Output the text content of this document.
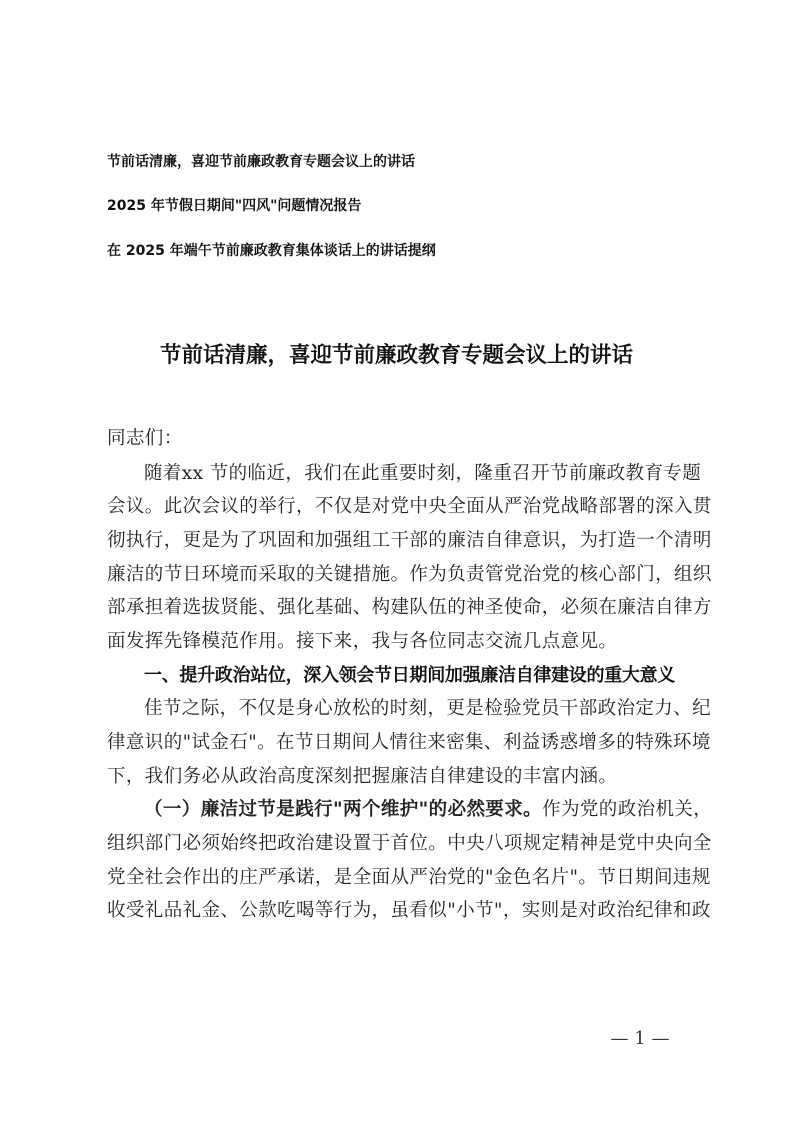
节前话清廉，喜迎节前廉政教育专题会议上的讲话
2025 年节假日期间"四风"问题情况报告
在 2025 年端午节前廉政教育集体谈话上的讲话提纲
节前话清廉，喜迎节前廉政教育专题会议上的讲话
同志们：
随着xx 节的临近，我们在此重要时刻，隆重召开节前廉政教育专题
会议。此次会议的举行，不仅是对党中央全面从严治党战略部署的深入贯
彻执行，更是为了巩固和加强组工干部的廉洁自律意识，为打造一个清明
廉洁的节日环境而采取的关键措施。作为负责管党治党的核心部门，组织
部承担着选拔贤能、强化基础、构建队伍的神圣使命，必须在廉洁自律方
面发挥先锋模范作用。接下来，我与各位同志交流几点意见。
一、提升政治站位，深入领会节日期间加强廉洁自律建设的重大意义
佳节之际，不仅是身心放松的时刻，更是检验党员干部政治定力、纪
律意识的"试金石"。在节日期间人情往来密集、利益诱惑增多的特殊环境
下，我们务必从政治高度深刻把握廉洁自律建设的丰富内涵。
（一）廉洁过节是践行"两个维护"的必然要求。作为党的政治机关，
组织部门必须始终把政治建设置于首位。中央八项规定精神是党中央向全
党全社会作出的庄严承诺，是全面从严治党的"金色名片"。节日期间违规
收受礼品礼金、公款吃喝等行为，虽看似"小节"，实则是对政治纪律和政
— 1 —
